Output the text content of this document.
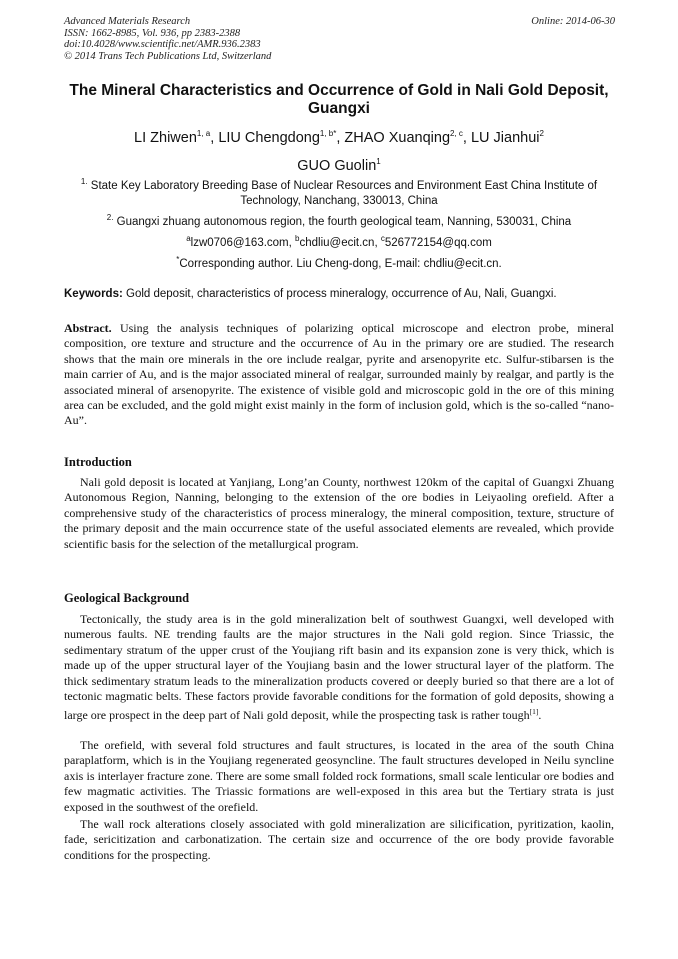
Advanced Materials Research
ISSN: 1662-8985, Vol. 936, pp 2383-2388
doi:10.4028/www.scientific.net/AMR.936.2383
© 2014 Trans Tech Publications Ltd, Switzerland
Online: 2014-06-30
The Mineral Characteristics and Occurrence of Gold in Nali Gold Deposit, Guangxi
LI Zhiwen$^{1, a}$, LIU Chengdong$^{1, b*}$, ZHAO Xuanqing$^{2, c}$, LU Jianhui$^2$
GUO Guolin$^1$
$^{1.}$ State Key Laboratory Breeding Base of Nuclear Resources and Environment East China Institute of Technology, Nanchang, 330013, China
$^{2.}$ Guangxi zhuang autonomous region, the fourth geological team, Nanning, 530031, China
$^a$lzw0706@163.com, $^b$chdliu@ecit.cn, $^c$526772154@qq.com
*Corresponding author. Liu Cheng-dong, E-mail: chdliu@ecit.cn.
Keywords: Gold deposit, characteristics of process mineralogy, occurrence of Au, Nali, Guangxi.
Abstract. Using the analysis techniques of polarizing optical microscope and electron probe, mineral composition, ore texture and structure and the occurrence of Au in the primary ore are studied. The research shows that the main ore minerals in the ore include realgar, pyrite and arsenopyrite etc. Sulfur-stibarsen is the main carrier of Au, and is the major associated mineral of realgar, surrounded mainly by realgar, and partly is the associated mineral of arsenopyrite. The existence of visible gold and microscopic gold in the ore of this mining area can be excluded, and the gold might exist mainly in the form of inclusion gold, which is the so-called “nano-Au”.
Introduction
Nali gold deposit is located at Yanjiang, Long’an County, northwest 120km of the capital of Guangxi Zhuang Autonomous Region, Nanning, belonging to the extension of the ore bodies in Leiyaoling orefield. After a comprehensive study of the characteristics of process mineralogy, the mineral composition, texture, structure of the primary deposit and the main occurrence state of the useful associated elements are revealed, which provide scientific basis for the selection of the metallurgical program.
Geological Background
Tectonically, the study area is in the gold mineralization belt of southwest Guangxi, well developed with numerous faults. NE trending faults are the major structures in the Nali gold region. Since Triassic, the sedimentary stratum of the upper crust of the Youjiang rift basin and its expansion zone is very thick, which is made up of the upper structural layer of the Youjiang basin and the lower structural layer of the platform. The thick sedimentary stratum leads to the mineralization products covered or deeply buried so that there are a lot of tectonic magmatic belts. These factors provide favorable conditions for the formation of gold deposits, showing a large ore prospect in the deep part of Nali gold deposit, while the prospecting task is rather tough[1].
The orefield, with several fold structures and fault structures, is located in the area of the south China paraplatform, which is in the Youjiang regenerated geosyncline. The fault structures developed in Neilu syncline axis is interlayer fracture zone. There are some small folded rock formations, small scale lenticular ore bodies and few magmatic activities. The Triassic formations are well-exposed in this area but the Tertiary strata is just exposed in the southwest of the orefield.
The wall rock alterations closely associated with gold mineralization are silicification, pyritization, kaolin, fade, sericitization and carbonatization. The certain size and occurrence of the ore body provide favorable conditions for the prospecting.
